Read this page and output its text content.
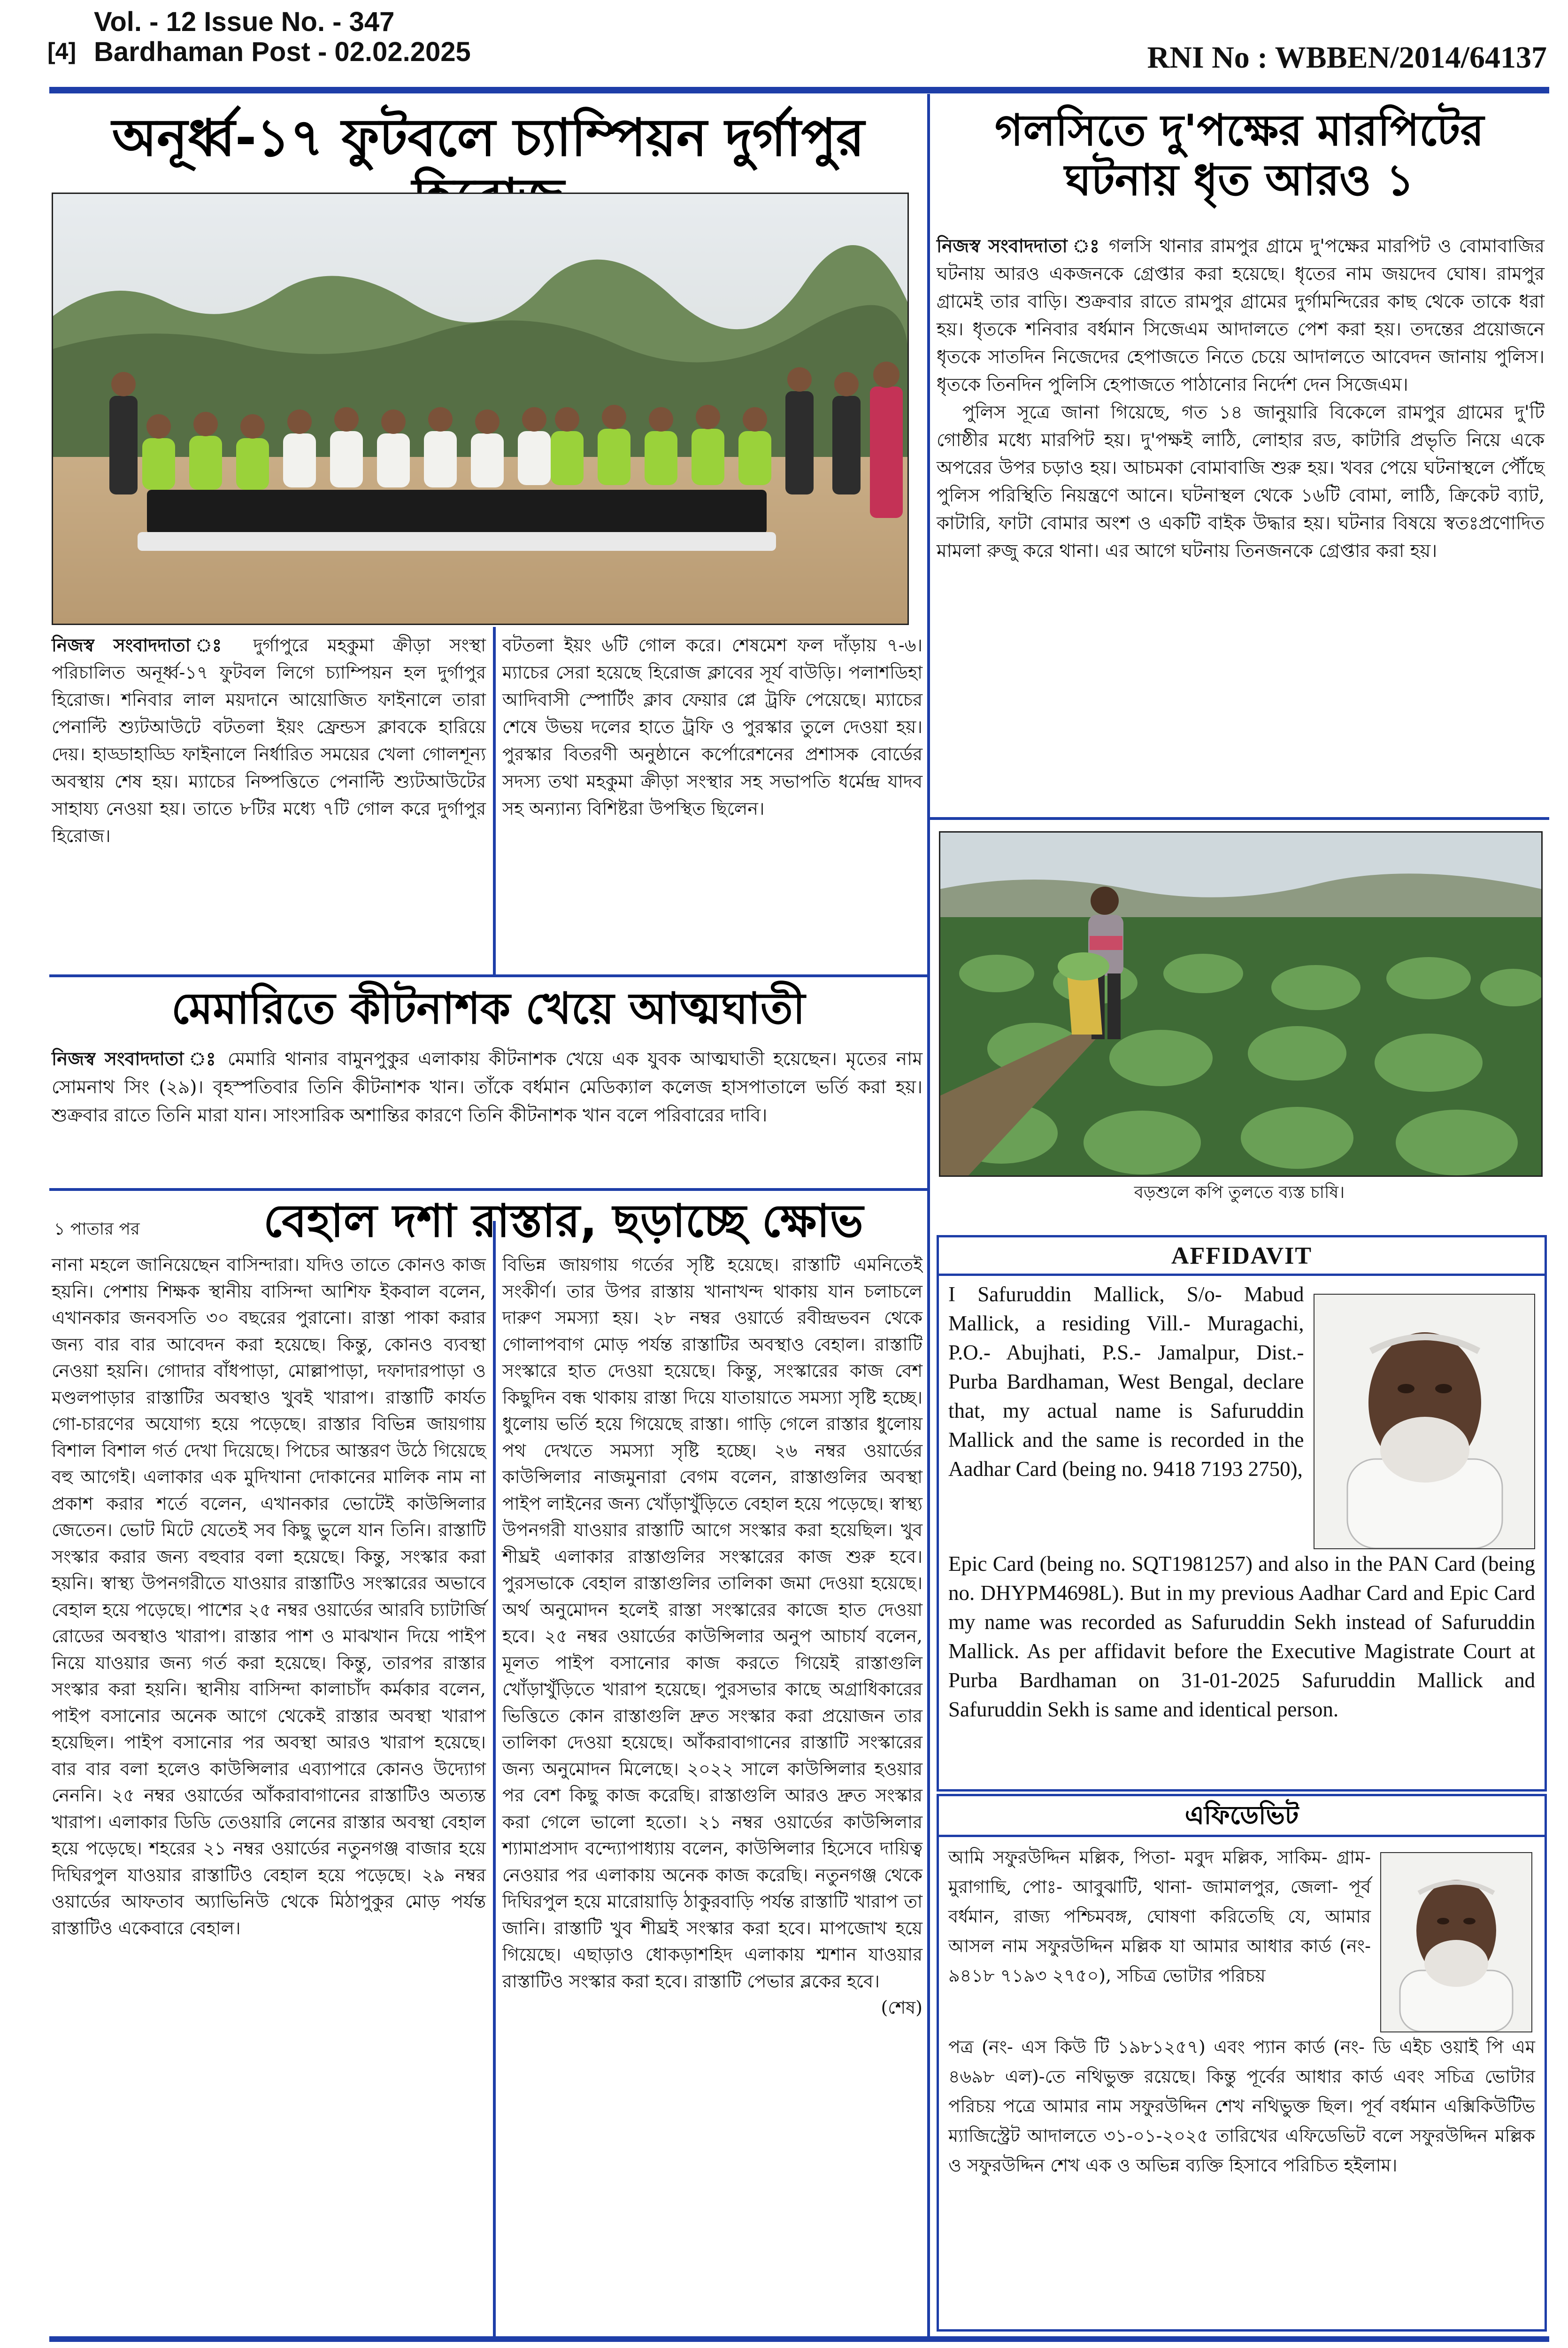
[4]
Vol. - 12 Issue No. - 347
Bardhaman Post - 02.02.2025	RNI No : WBBEN/2014/64137
অনূর্ধ্ব-১৭ ফুটবলে চ্যাম্পিয়ন দুর্গাপুর
নিজস্ব সংবাদদাতা ঃ দুর্গাপুরে মহকুমা ক্রীড়া সংস্থা পরিচালিত অনূর্ধ্ব-১৭ ফুটবল লিগে চ্যাম্পিয়ন হল দুর্গাপুর হিরোজ। শনিবার লাল ময়দানে আয়োজিত ফাইনালে তারা পেনাল্টি শ্যুটআউটে বটতলা ইয়ং ফ্রেন্ডস ক্লাবকে হারিয়ে দেয়। হাড্ডাহাড্ডি ফাইনালে নির্ধারিত সময়ের খেলা গোলশূন্য অবস্থায় শেষ হয়। ম্যাচের নিষ্পত্তিতে পেনাল্টি শ্যুটআউটের সাহায্য নেওয়া হয়। তাতে ৮টির মধ্যে ৭টি গোল করে দুর্গাপুর হিরোজ।
বটতলা ইয়ং ৬টি গোল করে। শেষমেশ ফল দাঁড়ায় ৭-৬। ম্যাচের সেরা হয়েছে হিরোজ ক্লাবের সূর্য বাউড়ি। পলাশডিহা আদিবাসী স্পোর্টিং ক্লাব ফেয়ার প্লে ট্রফি পেয়েছে। ম্যাচের শেষে উভয় দলের হাতে ট্রফি ও পুরস্কার তুলে দেওয়া হয়। পুরস্কার বিতরণী অনুষ্ঠানে কর্পোরেশনের প্রশাসক বোর্ডের সদস্য তথা মহকুমা ক্রীড়া সংস্থার সহ সভাপতি ধর্মেন্দ্র যাদব সহ অন্যান্য বিশিষ্টরা উপস্থিত ছিলেন।
গলসিতে দু'পক্ষের মারপিটের
ঘটনায় ধৃত আরও ১
নিজস্ব সংবাদদাতা ঃ গলসি থানার রামপুর গ্রামে দু'পক্ষের মারপিট ও বোমাবাজির ঘটনায় আরও একজনকে গ্রেপ্তার করা হয়েছে। ধৃতের নাম জয়দেব ঘোষ। রামপুর গ্রামেই তার বাড়ি। শুক্রবার রাতে রামপুর গ্রামের দুর্গামন্দিরের কাছ থেকে তাকে ধরা হয়। ধৃতকে শনিবার বর্ধমান সিজেএম আদালতে পেশ করা হয়। তদন্তের প্রয়োজনে ধৃতকে সাতদিন নিজেদের হেপাজতে নিতে চেয়ে আদালতে আবেদন জানায় পুলিস। ধৃতকে তিনদিন পুলিসি হেপাজতে পাঠানোর নির্দেশ দেন সিজেএম।
পুলিস সূত্রে জানা গিয়েছে, গত ১৪ জানুয়ারি বিকেলে রামপুর গ্রামের দু'টি গোষ্ঠীর মধ্যে মারপিট হয়। দু'পক্ষই লাঠি, লোহার রড, কাটারি প্রভৃতি নিয়ে একে অপরের উপর চড়াও হয়। আচমকা বোমাবাজি শুরু হয়। খবর পেয়ে ঘটনাস্থলে পৌঁছে পুলিস পরিস্থিতি নিয়ন্ত্রণে আনে। ঘটনাস্থল থেকে ১৬টি বোমা, লাঠি, ক্রিকেট ব্যাট, কাটারি, ফাটা বোমার অংশ ও একটি বাইক উদ্ধার হয়। ঘটনার বিষয়ে স্বতঃপ্রণোদিত মামলা রুজু করে থানা। এর আগে ঘটনায় তিনজনকে গ্রেপ্তার করা হয়।
বড়শুলে কপি তুলতে ব্যস্ত চাষি।
মেমারিতে কীটনাশক খেয়ে আত্মঘাতী
নিজস্ব সংবাদদাতা ঃ মেমারি থানার বামুনপুকুর এলাকায় কীটনাশক খেয়ে এক যুবক আত্মঘাতী হয়েছেন। মৃতের নাম সোমনাথ সিং (২৯)। বৃহস্পতিবার তিনি কীটনাশক খান। তাঁকে বর্ধমান মেডিক্যাল কলেজ হাসপাতালে ভর্তি করা হয়। শুক্রবার রাতে তিনি মারা যান। সাংসারিক অশান্তির কারণে তিনি কীটনাশক খান বলে পরিবারের দাবি।
১ পাতার পর	বেহাল দশা রাস্তার, ছড়াচ্ছে ক্ষোভ
নানা মহলে জানিয়েছেন বাসিন্দারা। যদিও তাতে কোনও কাজ হয়নি। পেশায় শিক্ষক স্থানীয় বাসিন্দা আশিফ ইকবাল বলেন, এখানকার জনবসতি ৩০ বছরের পুরানো। রাস্তা পাকা করার জন্য বার বার আবেদন করা হয়েছে। কিন্তু, কোনও ব্যবস্থা নেওয়া হয়নি। গোদার বাঁধপাড়া, মোল্লাপাড়া, দফাদারপাড়া ও মণ্ডলপাড়ার রাস্তাটির অবস্থাও খুবই খারাপ। রাস্তাটি কার্যত গো-চারণের অযোগ্য হয়ে পড়েছে। রাস্তার বিভিন্ন জায়গায় বিশাল বিশাল গর্ত দেখা দিয়েছে। পিচের আস্তরণ উঠে গিয়েছে বহু আগেই। এলাকার এক মুদিখানা দোকানের মালিক নাম না প্রকাশ করার শর্তে বলেন, এখানকার ভোটেই কাউন্সিলার জেতেন। ভোট মিটে যেতেই সব কিছু ভুলে যান তিনি। রাস্তাটি সংস্কার করার জন্য বহুবার বলা হয়েছে। কিন্তু, সংস্কার করা হয়নি। স্বাস্থ্য উপনগরীতে যাওয়ার রাস্তাটিও সংস্কারের অভাবে বেহাল হয়ে পড়েছে। পাশের ২৫ নম্বর ওয়ার্ডের আরবি চ্যাটার্জি রোডের অবস্থাও খারাপ। রাস্তার পাশ ও মাঝখান দিয়ে পাইপ নিয়ে যাওয়ার জন্য গর্ত করা হয়েছে। কিন্তু, তারপর রাস্তার সংস্কার করা হয়নি। স্থানীয় বাসিন্দা কালাচাঁদ কর্মকার বলেন, পাইপ বসানোর অনেক আগে থেকেই রাস্তার অবস্থা খারাপ হয়েছিল। পাইপ বসানোর পর অবস্থা আরও খারাপ হয়েছে। বার বার বলা হলেও কাউন্সিলার এব্যাপারে কোনও উদ্যোগ নেননি। ২৫ নম্বর ওয়ার্ডের আঁকরাবাগানের রাস্তাটিও অত্যন্ত খারাপ। এলাকার ডিডি তেওয়ারি লেনের রাস্তার অবস্থা বেহাল হয়ে পড়েছে। শহরের ২১ নম্বর ওয়ার্ডের নতুনগঞ্জ বাজার হয়ে দিঘিরপুল যাওয়ার রাস্তাটিও বেহাল হয়ে পড়েছে। ২৯ নম্বর ওয়ার্ডের আফতাব অ্যাভিনিউ থেকে মিঠাপুকুর মোড় পর্যন্ত রাস্তাটিও একেবারে বেহাল।
বিভিন্ন জায়গায় গর্তের সৃষ্টি হয়েছে। রাস্তাটি এমনিতেই সংকীর্ণ। তার উপর রাস্তায় খানাখন্দ থাকায় যান চলাচলে দারুণ সমস্যা হয়। ২৮ নম্বর ওয়ার্ডে রবীন্দ্রভবন থেকে গোলাপবাগ মোড় পর্যন্ত রাস্তাটির অবস্থাও বেহাল। রাস্তাটি সংস্কারে হাত দেওয়া হয়েছে। কিন্তু, সংস্কারের কাজ বেশ কিছুদিন বন্ধ থাকায় রাস্তা দিয়ে যাতায়াতে সমস্যা সৃষ্টি হচ্ছে। ধুলোয় ভর্তি হয়ে গিয়েছে রাস্তা। গাড়ি গেলে রাস্তার ধুলোয় পথ দেখতে সমস্যা সৃষ্টি হচ্ছে। ২৬ নম্বর ওয়ার্ডের কাউন্সিলার নাজমুনারা বেগম বলেন, রাস্তাগুলির অবস্থা পাইপ লাইনের জন্য খোঁড়াখুঁড়িতে বেহাল হয়ে পড়েছে। স্বাস্থ্য উপনগরী যাওয়ার রাস্তাটি আগে সংস্কার করা হয়েছিল। খুব শীঘ্রই এলাকার রাস্তাগুলির সংস্কারের কাজ শুরু হবে। পুরসভাকে বেহাল রাস্তাগুলির তালিকা জমা দেওয়া হয়েছে। অর্থ অনুমোদন হলেই রাস্তা সংস্কারের কাজে হাত দেওয়া হবে। ২৫ নম্বর ওয়ার্ডের কাউন্সিলার অনুপ আচার্য বলেন, মূলত পাইপ বসানোর কাজ করতে গিয়েই রাস্তাগুলি খোঁড়াখুঁড়িতে খারাপ হয়েছে। পুরসভার কাছে অগ্রাধিকারের ভিত্তিতে কোন রাস্তাগুলি দ্রুত সংস্কার করা প্রয়োজন তার তালিকা দেওয়া হয়েছে। আঁকরাবাগানের রাস্তাটি সংস্কারের জন্য অনুমোদন মিলেছে। ২০২২ সালে কাউন্সিলার হওয়ার পর বেশ কিছু কাজ করেছি। রাস্তাগুলি আরও দ্রুত সংস্কার করা গেলে ভালো হতো। ২১ নম্বর ওয়ার্ডের কাউন্সিলার শ্যামাপ্রসাদ বন্দ্যোপাধ্যায় বলেন, কাউন্সিলার হিসেবে দায়িত্ব নেওয়ার পর এলাকায় অনেক কাজ করেছি। নতুনগঞ্জ থেকে দিঘিরপুল হয়ে মারোয়াড়ি ঠাকুরবাড়ি পর্যন্ত রাস্তাটি খারাপ তা জানি। রাস্তাটি খুব শীঘ্রই সংস্কার করা হবে। মাপজোখ হয়ে গিয়েছে। এছাড়াও ধোকড়াশহিদ এলাকায় শ্মশান যাওয়ার রাস্তাটিও সংস্কার করা হবে। রাস্তাটি পেভার ব্লকের হবে।
(শেষ)
AFFIDAVIT
I Safuruddin Mallick, S/o- Mabud Mallick, a residing Vill.- Muragachi, P.O.- Abujhati, P.S.- Jamalpur, Dist.- Purba Bardhaman, West Bengal, declare that, my actual name is Safuruddin Mallick and the same is recorded in the Aadhar Card (being no. 9418 7193 2750),
Epic Card (being no. SQT1981257) and also in the PAN Card (being no. DHYPM4698L). But in my previous Aadhar Card and Epic Card my name was recorded as Safuruddin Sekh instead of Safuruddin Mallick. As per affidavit before the Executive Magistrate Court at Purba Bardhaman on 31-01-2025 Safuruddin Mallick and Safuruddin Sekh is same and identical person.
এফিডেভিট
আমি সফুরউদ্দিন মল্লিক, পিতা- মবুদ মল্লিক, সাকিম- গ্রাম- মুরাগাছি, পোঃ- আবুঝাটি, থানা- জামালপুর, জেলা- পূর্ব বর্ধমান, রাজ্য পশ্চিমবঙ্গ, ঘোষণা করিতেছি যে, আমার আসল নাম সফুরউদ্দিন মল্লিক যা আমার আধার কার্ড (নং- ৯৪১৮ ৭১৯৩ ২৭৫০), সচিত্র ভোটার পরিচয়
পত্র (নং- এস কিউ টি ১৯৮১২৫৭) এবং প্যান কার্ড (নং- ডি এইচ ওয়াই পি এম ৪৬৯৮ এল)-তে নথিভুক্ত রয়েছে। কিন্তু পূর্বের আধার কার্ড এবং সচিত্র ভোটার পরিচয় পত্রে আমার নাম সফুরউদ্দিন শেখ নথিভুক্ত ছিল। পূর্ব বর্ধমান এক্সিকিউটিভ ম্যাজিস্ট্রেট আদালতে ৩১-০১-২০২৫ তারিখের এফিডেভিট বলে সফুরউদ্দিন মল্লিক ও সফুরউদ্দিন শেখ এক ও অভিন্ন ব্যক্তি হিসাবে পরিচিত হইলাম।
